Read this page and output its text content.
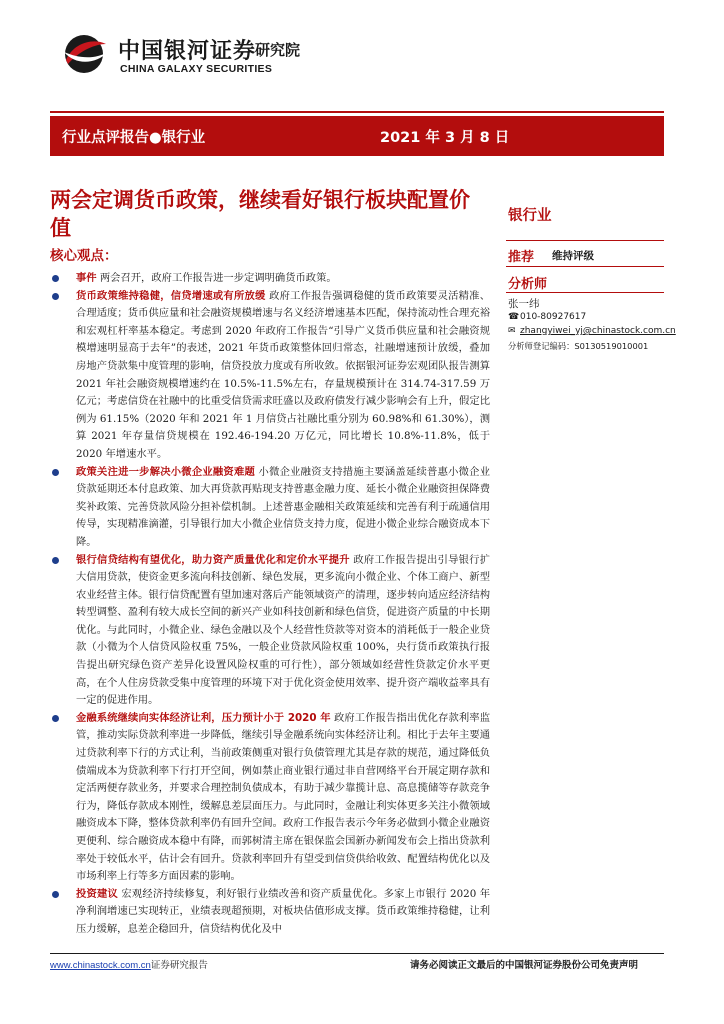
中国银河证券
CHINA GALAXY SECURITIES
研究院
行业点评报告●银行业	2021 年 3 月 8 日
两会定调货币政策，继续看好银行板块配置价值
核心观点：
事件 两会召开，政府工作报告进一步定调明确货币政策。
货币政策维持稳健，信贷增速或有所放缓 政府工作报告强调稳健的货币政策要灵活精准、合理适度；货币供应量和社会融资规模增速与名义经济增速基本匹配，保持流动性合理充裕和宏观杠杆率基本稳定。考虑到 2020 年政府工作报告“引导广义货币供应量和社会融资规模增速明显高于去年”的表述，2021 年货币政策整体回归常态，社融增速预计放缓，叠加房地产贷款集中度管理的影响，信贷投放力度或有所收敛。依据银河证券宏观团队报告测算 2021 年社会融资规模增速约在 10.5%-11.5%左右，存量规模预计在 314.74-317.59 万亿元；考虑信贷在社融中的比重受信贷需求旺盛以及政府债发行减少影响会有上升，假定比例为 61.15%（2020 年和 2021 年 1 月信贷占社融比重分别为 60.98%和 61.30%），测算 2021 年存量信贷规模在 192.46-194.20 万亿元，同比增长 10.8%-11.8%，低于 2020 年增速水平。
政策关注进一步解决小微企业融资难题 小微企业融资支持措施主要涵盖延续普惠小微企业贷款延期还本付息政策、加大再贷款再贴现支持普惠金融力度、延长小微企业融资担保降费奖补政策、完善贷款风险分担补偿机制。上述普惠金融相关政策延续和完善有利于疏通信用传导，实现精准滴灌，引导银行加大小微企业信贷支持力度，促进小微企业综合融资成本下降。
银行信贷结构有望优化，助力资产质量优化和定价水平提升 政府工作报告提出引导银行扩大信用贷款，使资金更多流向科技创新、绿色发展，更多流向小微企业、个体工商户、新型农业经营主体。银行信贷配置有望加速对落后产能领域资产的清理，逐步转向适应经济结构转型调整、盈利有较大成长空间的新兴产业如科技创新和绿色信贷，促进资产质量的中长期优化。与此同时，小微企业、绿色金融以及个人经营性贷款等对资本的消耗低于一般企业贷款（小微为个人信贷风险权重 75%，一般企业贷款风险权重 100%，央行货币政策执行报告提出研究绿色资产差异化设置风险权重的可行性），部分领域如经营性贷款定价水平更高，在个人住房贷款受集中度管理的环境下对于优化资金使用效率、提升资产端收益率具有一定的促进作用。
金融系统继续向实体经济让利，压力预计小于 2020 年 政府工作报告指出优化存款利率监管，推动实际贷款利率进一步降低，继续引导金融系统向实体经济让利。相比于去年主要通过贷款利率下行的方式让利，当前政策侧重对银行负债管理尤其是存款的规范，通过降低负债端成本为贷款利率下行打开空间，例如禁止商业银行通过非自营网络平台开展定期存款和定活两便存款业务，并要求合理控制负债成本，有助于减少靠揽计息、高息揽储等存款竞争行为，降低存款成本刚性，缓解息差层面压力。与此同时，金融让利实体更多关注小微领域融资成本下降，整体贷款利率仍有回升空间。政府工作报告表示今年务必做到小微企业融资更便利、综合融资成本稳中有降，而郭树清主席在银保监会国新办新闻发布会上指出贷款利率处于较低水平，估计会有回升。贷款利率回升有望受到信贷供给收敛、配置结构优化以及市场利率上行等多方面因素的影响。
投资建议 宏观经济持续修复，利好银行业绩改善和资产质量优化。多家上市银行 2020 年净利润增速已实现转正，业绩表现超预期，对板块估值形成支撑。货币政策维持稳健，让利压力缓解，息差企稳回升，信贷结构优化及中
银行业
推荐 维持评级
分析师
张一纬
☎010-80927617
✉ zhangyiwei_yj@chinastock.com.cn
分析师登记编码：S0130519010001
www.chinastock.com.cn证券研究报告	请务必阅读正文最后的中国银河证券股份公司免责声明
